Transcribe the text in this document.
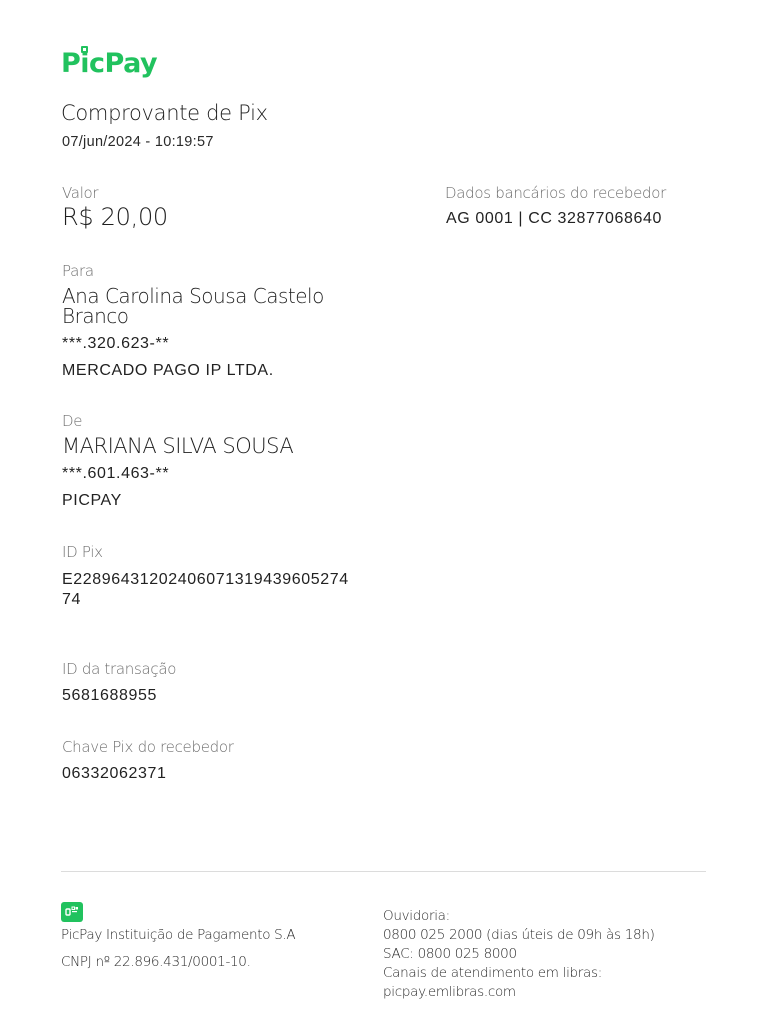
PicPay
Comprovante de Pix
07/jun/2024 - 10:19:57
Valor
R$ 20,00
Dados bancários do recebedor
AG 0001 | CC 32877068640
Para
Ana Carolina Sousa Castelo
Branco
***.320.623-**
MERCADO PAGO IP LTDA.
De
MARIANA SILVA SOUSA
***.601.463-**
PICPAY
ID Pix
E22896431202406071319439605274
74
ID da transação
5681688955
Chave Pix do recebedor
06332062371
PicPay Instituição de Pagamento S.A
CNPJ nº 22.896.431/0001-10.
Ouvidoria:
0800 025 2000 (dias úteis de 09h às 18h)
SAC: 0800 025 8000
Canais de atendimento em libras:
picpay.emlibras.com
